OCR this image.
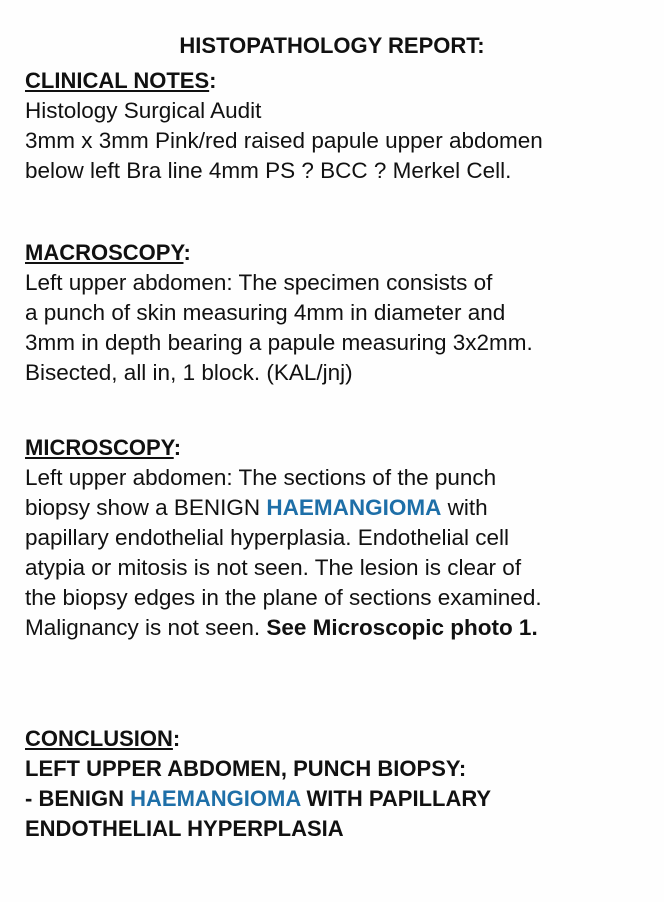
HISTOPATHOLOGY REPORT:
CLINICAL NOTES:
Histology Surgical Audit
3mm x 3mm Pink/red raised papule upper abdomen
below left Bra line 4mm PS ? BCC ? Merkel Cell.
MACROSCOPY:
Left upper abdomen: The specimen consists of
a punch of skin measuring 4mm in diameter and
3mm in depth bearing a papule measuring 3x2mm.
Bisected, all in, 1 block. (KAL/jnj)
MICROSCOPY:
Left upper abdomen: The sections of the punch
biopsy show a BENIGN HAEMANGIOMA with
papillary endothelial hyperplasia. Endothelial cell
atypia or mitosis is not seen. The lesion is clear of
the biopsy edges in the plane of sections examined.
Malignancy is not seen. See Microscopic photo 1.
CONCLUSION:
LEFT UPPER ABDOMEN, PUNCH BIOPSY:
- BENIGN HAEMANGIOMA WITH PAPILLARY
ENDOTHELIAL HYPERPLASIA
